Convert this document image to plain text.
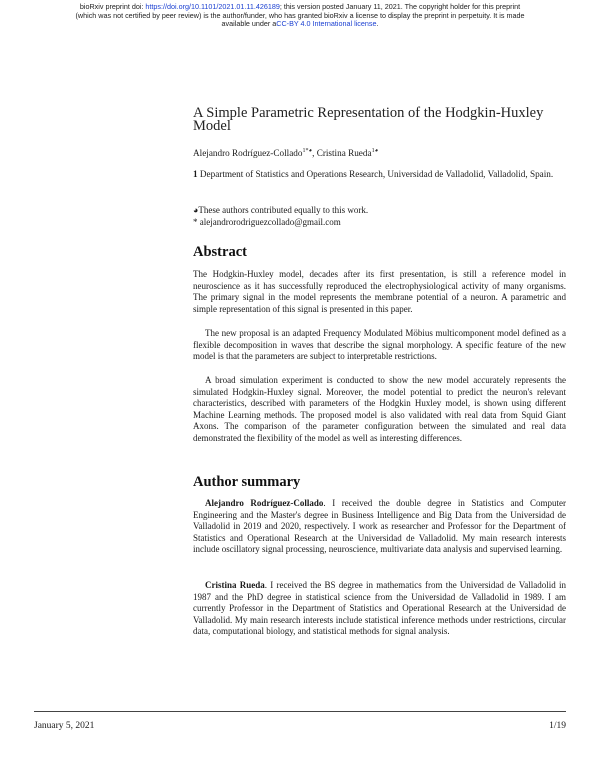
bioRxiv preprint doi: https://doi.org/10.1101/2021.01.11.426189; this version posted January 11, 2021. The copyright holder for this preprint
(which was not certified by peer review) is the author/funder, who has granted bioRxiv a license to display the preprint in perpetuity. It is made
available under aCC-BY 4.0 International license.
A Simple Parametric Representation of the Hodgkin-Huxley Model
Alejandro Rodríguez-Collado$^{1*◕}$, Cristina Rueda$^{1◕}$
1 Department of Statistics and Operations Research, Universidad de Valladolid, Valladolid, Spain.
◕These authors contributed equally to this work.
* alejandrorodriguezcollado@gmail.com
Abstract

The Hodgkin-Huxley model, decades after its first presentation, is still a reference model in neuroscience as it has successfully reproduced the electrophysiological activity of many organisms. The primary signal in the model represents the membrane potential of a neuron. A parametric and simple representation of this signal is presented in this paper.

The new proposal is an adapted Frequency Modulated Möbius multicomponent model defined as a flexible decomposition in waves that describe the signal morphology. A specific feature of the new model is that the parameters are subject to interpretable restrictions.

A broad simulation experiment is conducted to show the new model accurately represents the simulated Hodgkin-Huxley signal. Moreover, the model potential to predict the neuron's relevant characteristics, described with parameters of the Hodgkin Huxley model, is shown using different Machine Learning methods. The proposed model is also validated with real data from Squid Giant Axons. The comparison of the parameter configuration between the simulated and real data demonstrated the flexibility of the model as well as interesting differences.

Author summary

Alejandro Rodríguez-Collado. I received the double degree in Statistics and Computer Engineering and the Master's degree in Business Intelligence and Big Data from the Universidad de Valladolid in 2019 and 2020, respectively. I work as researcher and Professor for the Department of Statistics and Operational Research at the Universidad de Valladolid. My main research interests include oscillatory signal processing, neuroscience, multivariate data analysis and supervised learning.

Cristina Rueda. I received the BS degree in mathematics from the Universidad de Valladolid in 1987 and the PhD degree in statistical science from the Universidad de Valladolid in 1989. I am currently Professor in the Department of Statistics and Operational Research at the Universidad de Valladolid. My main research interests include statistical inference methods under restrictions, circular data, computational biology, and statistical methods for signal analysis.

January 5, 2021	1/19
